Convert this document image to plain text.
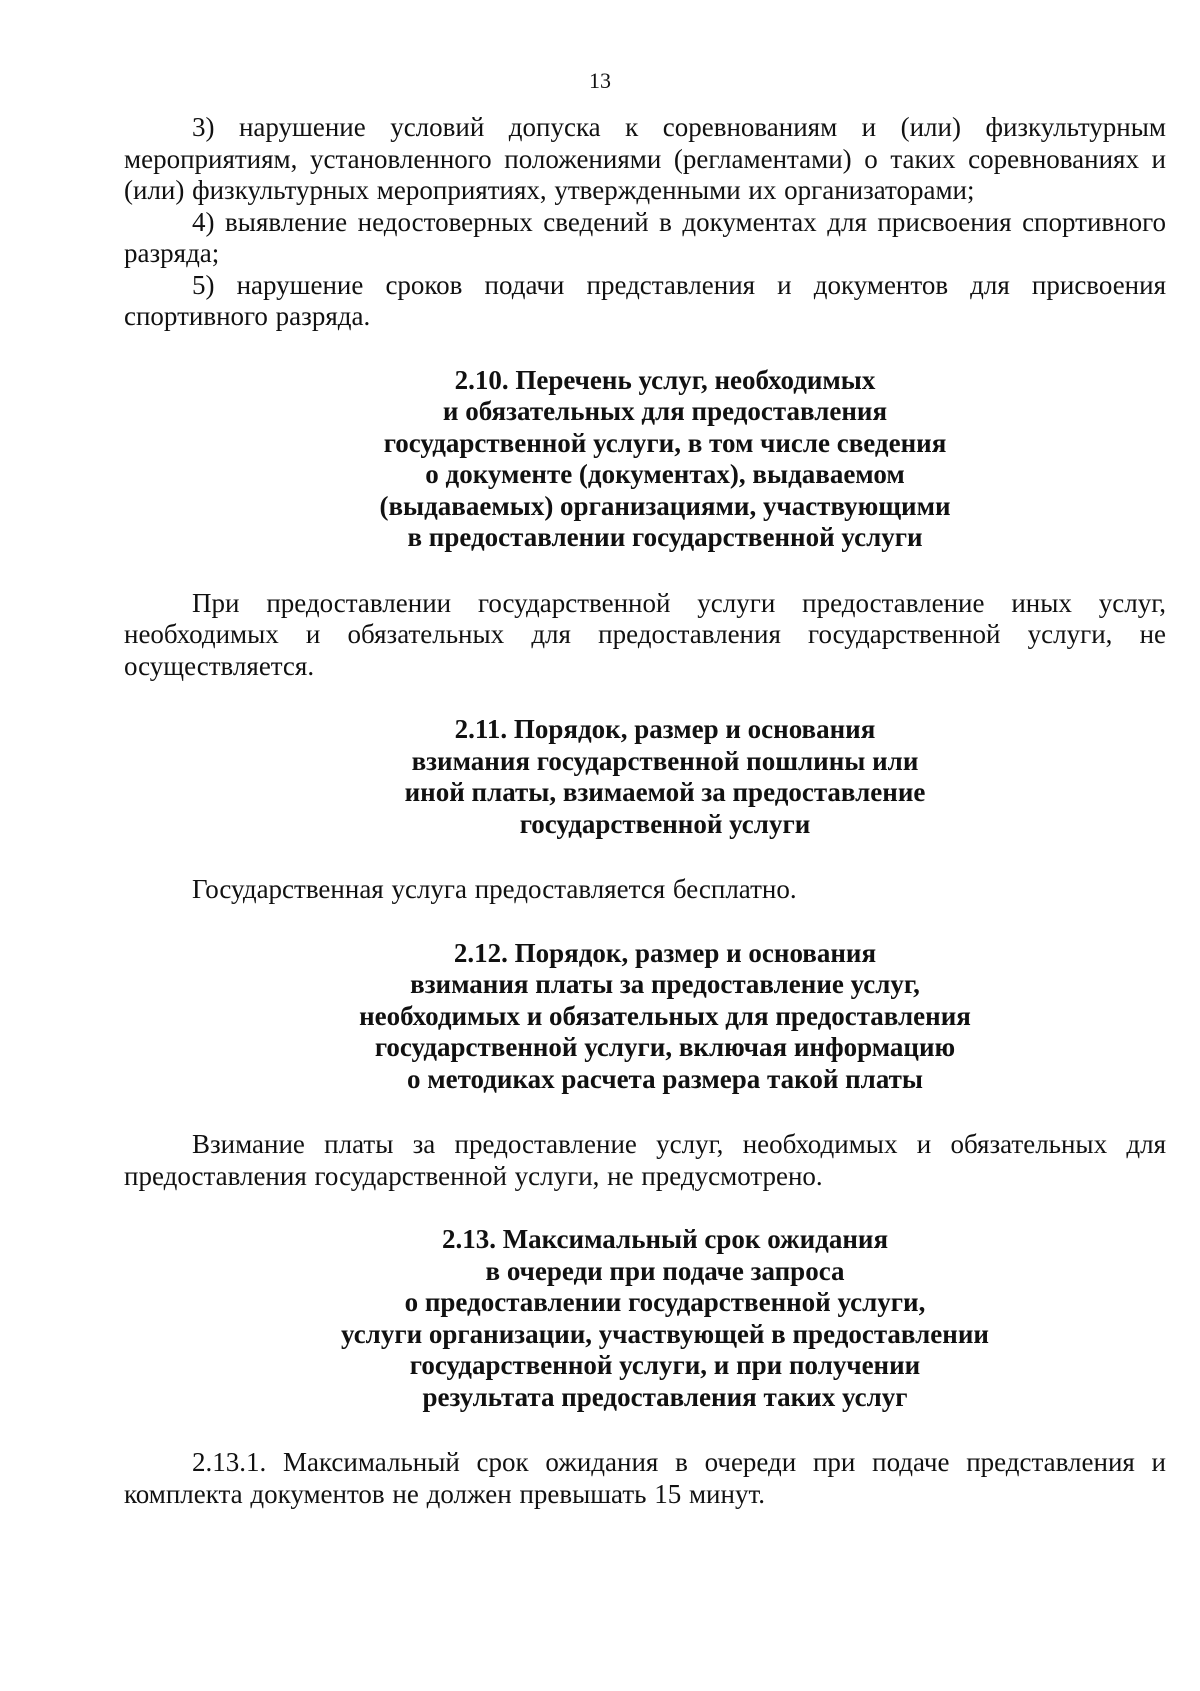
13

3) нарушение условий допуска к соревнованиям и (или) физкультурным мероприятиям, установленного положениями (регламентами) о таких соревнованиях и (или) физкультурных мероприятиях, утвержденными их организаторами;

4) выявление недостоверных сведений в документах для присвоения спортивного разряда;

5) нарушение сроков подачи представления и документов для присвоения спортивного разряда.

2.10. Перечень услуг, необходимых
и обязательных для предоставления
государственной услуги, в том числе сведения
о документе (документах), выдаваемом
(выдаваемых) организациями, участвующими
в предоставлении государственной услуги

При предоставлении государственной услуги предоставление иных услуг, необходимых и обязательных для предоставления государственной услуги, не осуществляется.

2.11. Порядок, размер и основания
взимания государственной пошлины или
иной платы, взимаемой за предоставление
государственной услуги

Государственная услуга предоставляется бесплатно.

2.12. Порядок, размер и основания
взимания платы за предоставление услуг,
необходимых и обязательных для предоставления
государственной услуги, включая информацию
о методиках расчета размера такой платы

Взимание платы за предоставление услуг, необходимых и обязательных для предоставления государственной услуги, не предусмотрено.

2.13. Максимальный срок ожидания
в очереди при подаче запроса
о предоставлении государственной услуги,
услуги организации, участвующей в предоставлении
государственной услуги, и при получении
результата предоставления таких услуг

2.13.1. Максимальный срок ожидания в очереди при подаче представления и комплекта документов не должен превышать 15 минут.
